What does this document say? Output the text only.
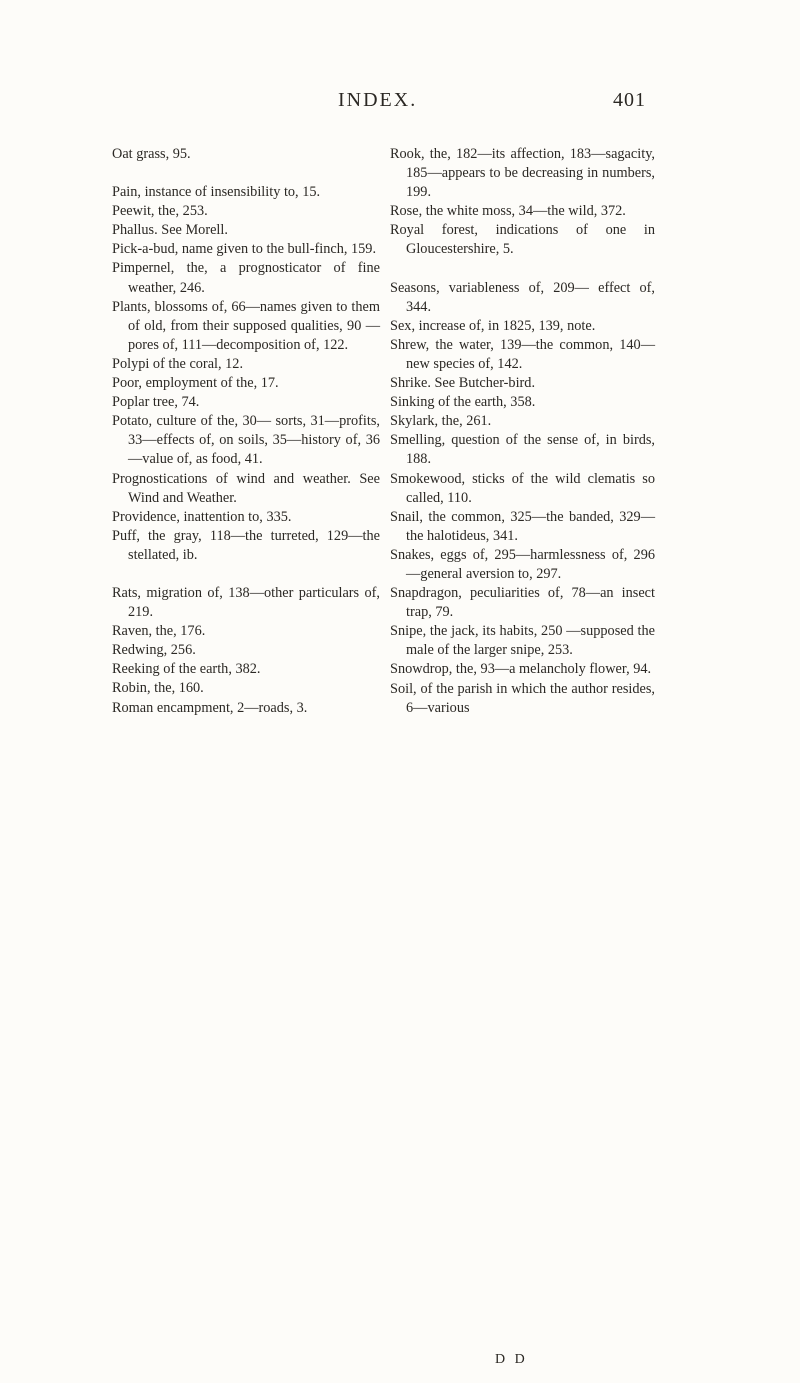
INDEX.	401

Oat grass, 95.

Pain, instance of insensibility to, 15.

Peewit, the, 253.

Phallus. See Morell.

Pick-a-bud, name given to the bull-finch, 159.

Pimpernel, the, a prognosticator of fine weather, 246.

Plants, blossoms of, 66—names given to them of old, from their supposed qualities, 90 —pores of, 111—decomposition of, 122.

Polypi of the coral, 12.

Poor, employment of the, 17.

Poplar tree, 74.

Potato, culture of the, 30— sorts, 31—profits, 33—effects of, on soils, 35—history of, 36—value of, as food, 41.

Prognostications of wind and weather. See Wind and Weather.

Providence, inattention to, 335.

Puff, the gray, 118—the turreted, 129—the stellated, ib.

Rats, migration of, 138—other particulars of, 219.

Raven, the, 176.

Redwing, 256.

Reeking of the earth, 382.

Robin, the, 160.

Roman encampment, 2—roads, 3.

Rook, the, 182—its affection, 183—sagacity, 185—appears to be decreasing in numbers, 199.

Rose, the white moss, 34—the wild, 372.

Royal forest, indications of one in Gloucestershire, 5.

Seasons, variableness of, 209— effect of, 344.

Sex, increase of, in 1825, 139, note.

Shrew, the water, 139—the common, 140—new species of, 142.

Shrike. See Butcher-bird.

Sinking of the earth, 358.

Skylark, the, 261.

Smelling, question of the sense of, in birds, 188.

Smokewood, sticks of the wild clematis so called, 110.

Snail, the common, 325—the banded, 329—the halotideus, 341.

Snakes, eggs of, 295—harmlessness of, 296—general aversion to, 297.

Snapdragon, peculiarities of, 78—an insect trap, 79.

Snipe, the jack, its habits, 250 —supposed the male of the larger snipe, 253.

Snowdrop, the, 93—a melancholy flower, 94.

Soil, of the parish in which the author resides, 6—various

D D
